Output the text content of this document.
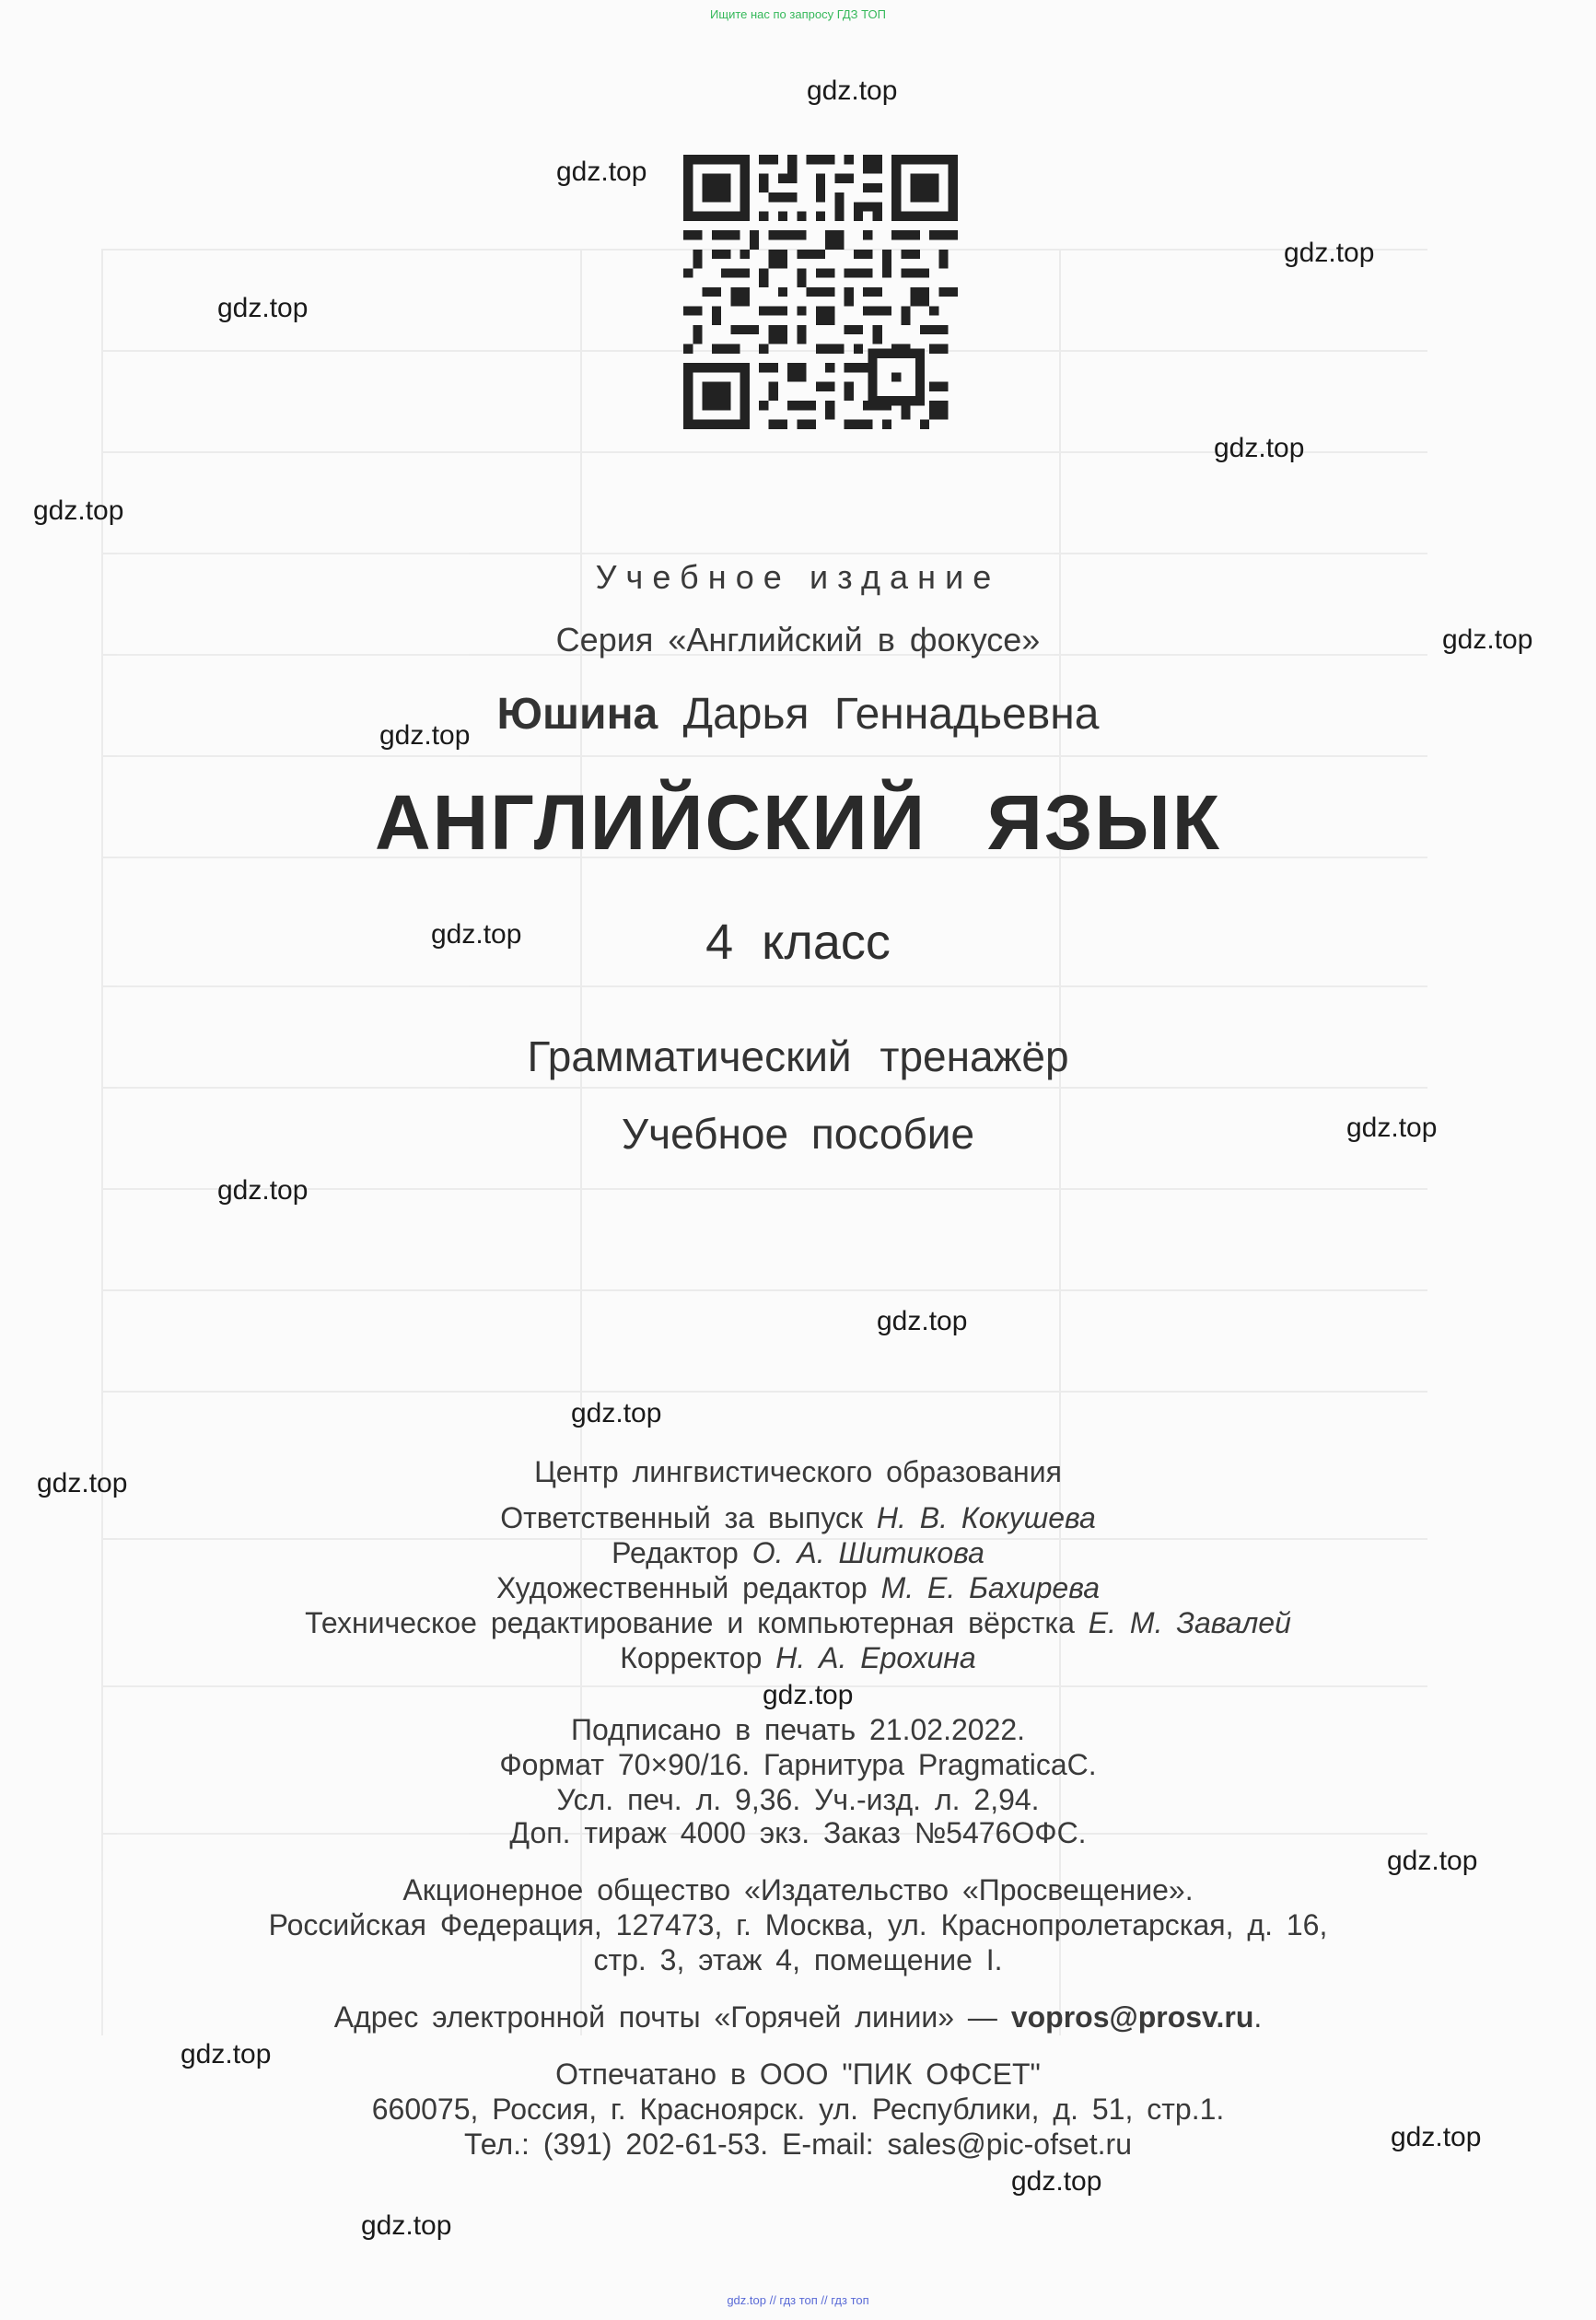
Ищите нас по запросу ГДЗ ТОП
gdz.top
gdz.top
gdz.top
gdz.top
gdz.top
gdz.top
gdz.top
gdz.top
gdz.top
gdz.top
gdz.top
gdz.top
gdz.top
gdz.top
gdz.top
gdz.top
gdz.top
gdz.top
gdz.top
gdz.top
Учебное издание
Серия «Английский в фокусе»
Юшина Дарья Геннадьевна
АНГЛИЙСКИЙ ЯЗЫК
4 класс
Грамматический тренажёр
Учебное пособие
Центр лингвистического образования
Ответственный за выпуск Н. В. Кокушева
Редактор О. А. Шитикова
Художественный редактор М. Е. Бахирева
Техническое редактирование и компьютерная вёрстка Е. М. Завалей
Корректор Н. А. Ерохина
Подписано в печать 21.02.2022.
Формат 70×90/16. Гарнитура PragmaticaC.
Усл. печ. л. 9,36. Уч.-изд. л. 2,94.
Доп. тираж 4000 экз. Заказ №5476ОФС.
Акционерное общество «Издательство «Просвещение».
Российская Федерация, 127473, г. Москва, ул. Краснопролетарская, д. 16,
стр. 3, этаж 4, помещение I.
Адрес электронной почты «Горячей линии» — vopros@prosv.ru.
Отпечатано в ООО "ПИК ОФСЕТ"
660075, Россия, г. Красноярск. ул. Республики, д. 51, стр.1.
Тел.: (391) 202-61-53. E-mail: sales@pic-ofset.ru
gdz.top // гдз топ // гдз топ
